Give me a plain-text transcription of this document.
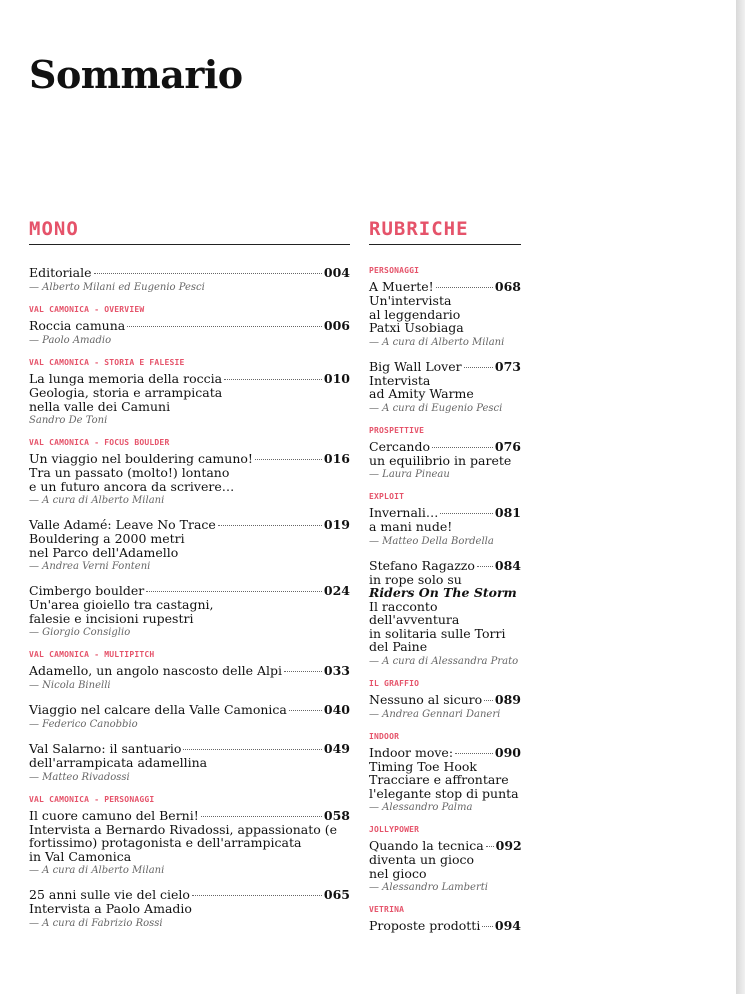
Sommario
MONO	RUBRICHE
Editoriale	004
— Alberto Milani ed Eugenio Pesci
VAL CAMONICA - OVERVIEW
Roccia camuna	006
— Paolo Amadio
VAL CAMONICA - STORIA E FALESIE
La lunga memoria della roccia	010
Geologia, storia e arrampicata
nella valle dei Camuni
Sandro De Toni
VAL CAMONICA - FOCUS BOULDER
Un viaggio nel bouldering camuno!	016
Tra un passato (molto!) lontano
e un futuro ancora da scrivere…
— A cura di Alberto Milani
Valle Adamé: Leave No Trace	019
Bouldering a 2000 metri
nel Parco dell'Adamello
— Andrea Verni Fonteni
Cimbergo boulder	024
Un'area gioiello tra castagni,
falesie e incisioni rupestri
— Giorgio Consiglio
VAL CAMONICA - MULTIPITCH
Adamello, un angolo nascosto delle Alpi	033
— Nicola Binelli
Viaggio nel calcare della Valle Camonica	040
— Federico Canobbio
Val Salarno: il santuario	049
dell'arrampicata adamellina
— Matteo Rivadossi
VAL CAMONICA - PERSONAGGI
Il cuore camuno del Berni!	058
Intervista a Bernardo Rivadossi, appassionato (e
fortissimo) protagonista e dell'arrampicata
in Val Camonica
— A cura di Alberto Milani
25 anni sulle vie del cielo	065
Intervista a Paolo Amadio
— A cura di Fabrizio Rossi
PERSONAGGI
A Muerte!	068
Un'intervista
al leggendario
Patxi Usobiaga
— A cura di Alberto Milani
Big Wall Lover	073
Intervista
ad Amity Warme
— A cura di Eugenio Pesci
PROSPETTIVE
Cercando	076
un equilibrio in parete
— Laura Pineau
EXPLOIT
Invernali…	081
a mani nude!
— Matteo Della Bordella
Stefano Ragazzo 084
in rope solo su
Riders On The Storm
Il racconto dell'avventura
in solitaria sulle Torri
del Paine
— A cura di Alessandra Prato
IL GRAFFIO
Nessuno al sicuro 089
— Andrea Gennari Daneri
INDOOR
Indoor move:	090
Timing Toe Hook
Tracciare e affrontare
l'elegante stop di punta
— Alessandro Palma
JOLLYPOWER
Quando la tecnica 092
diventa un gioco
nel gioco
— Alessandro Lamberti
VETRINA
Proposte prodotti 094
